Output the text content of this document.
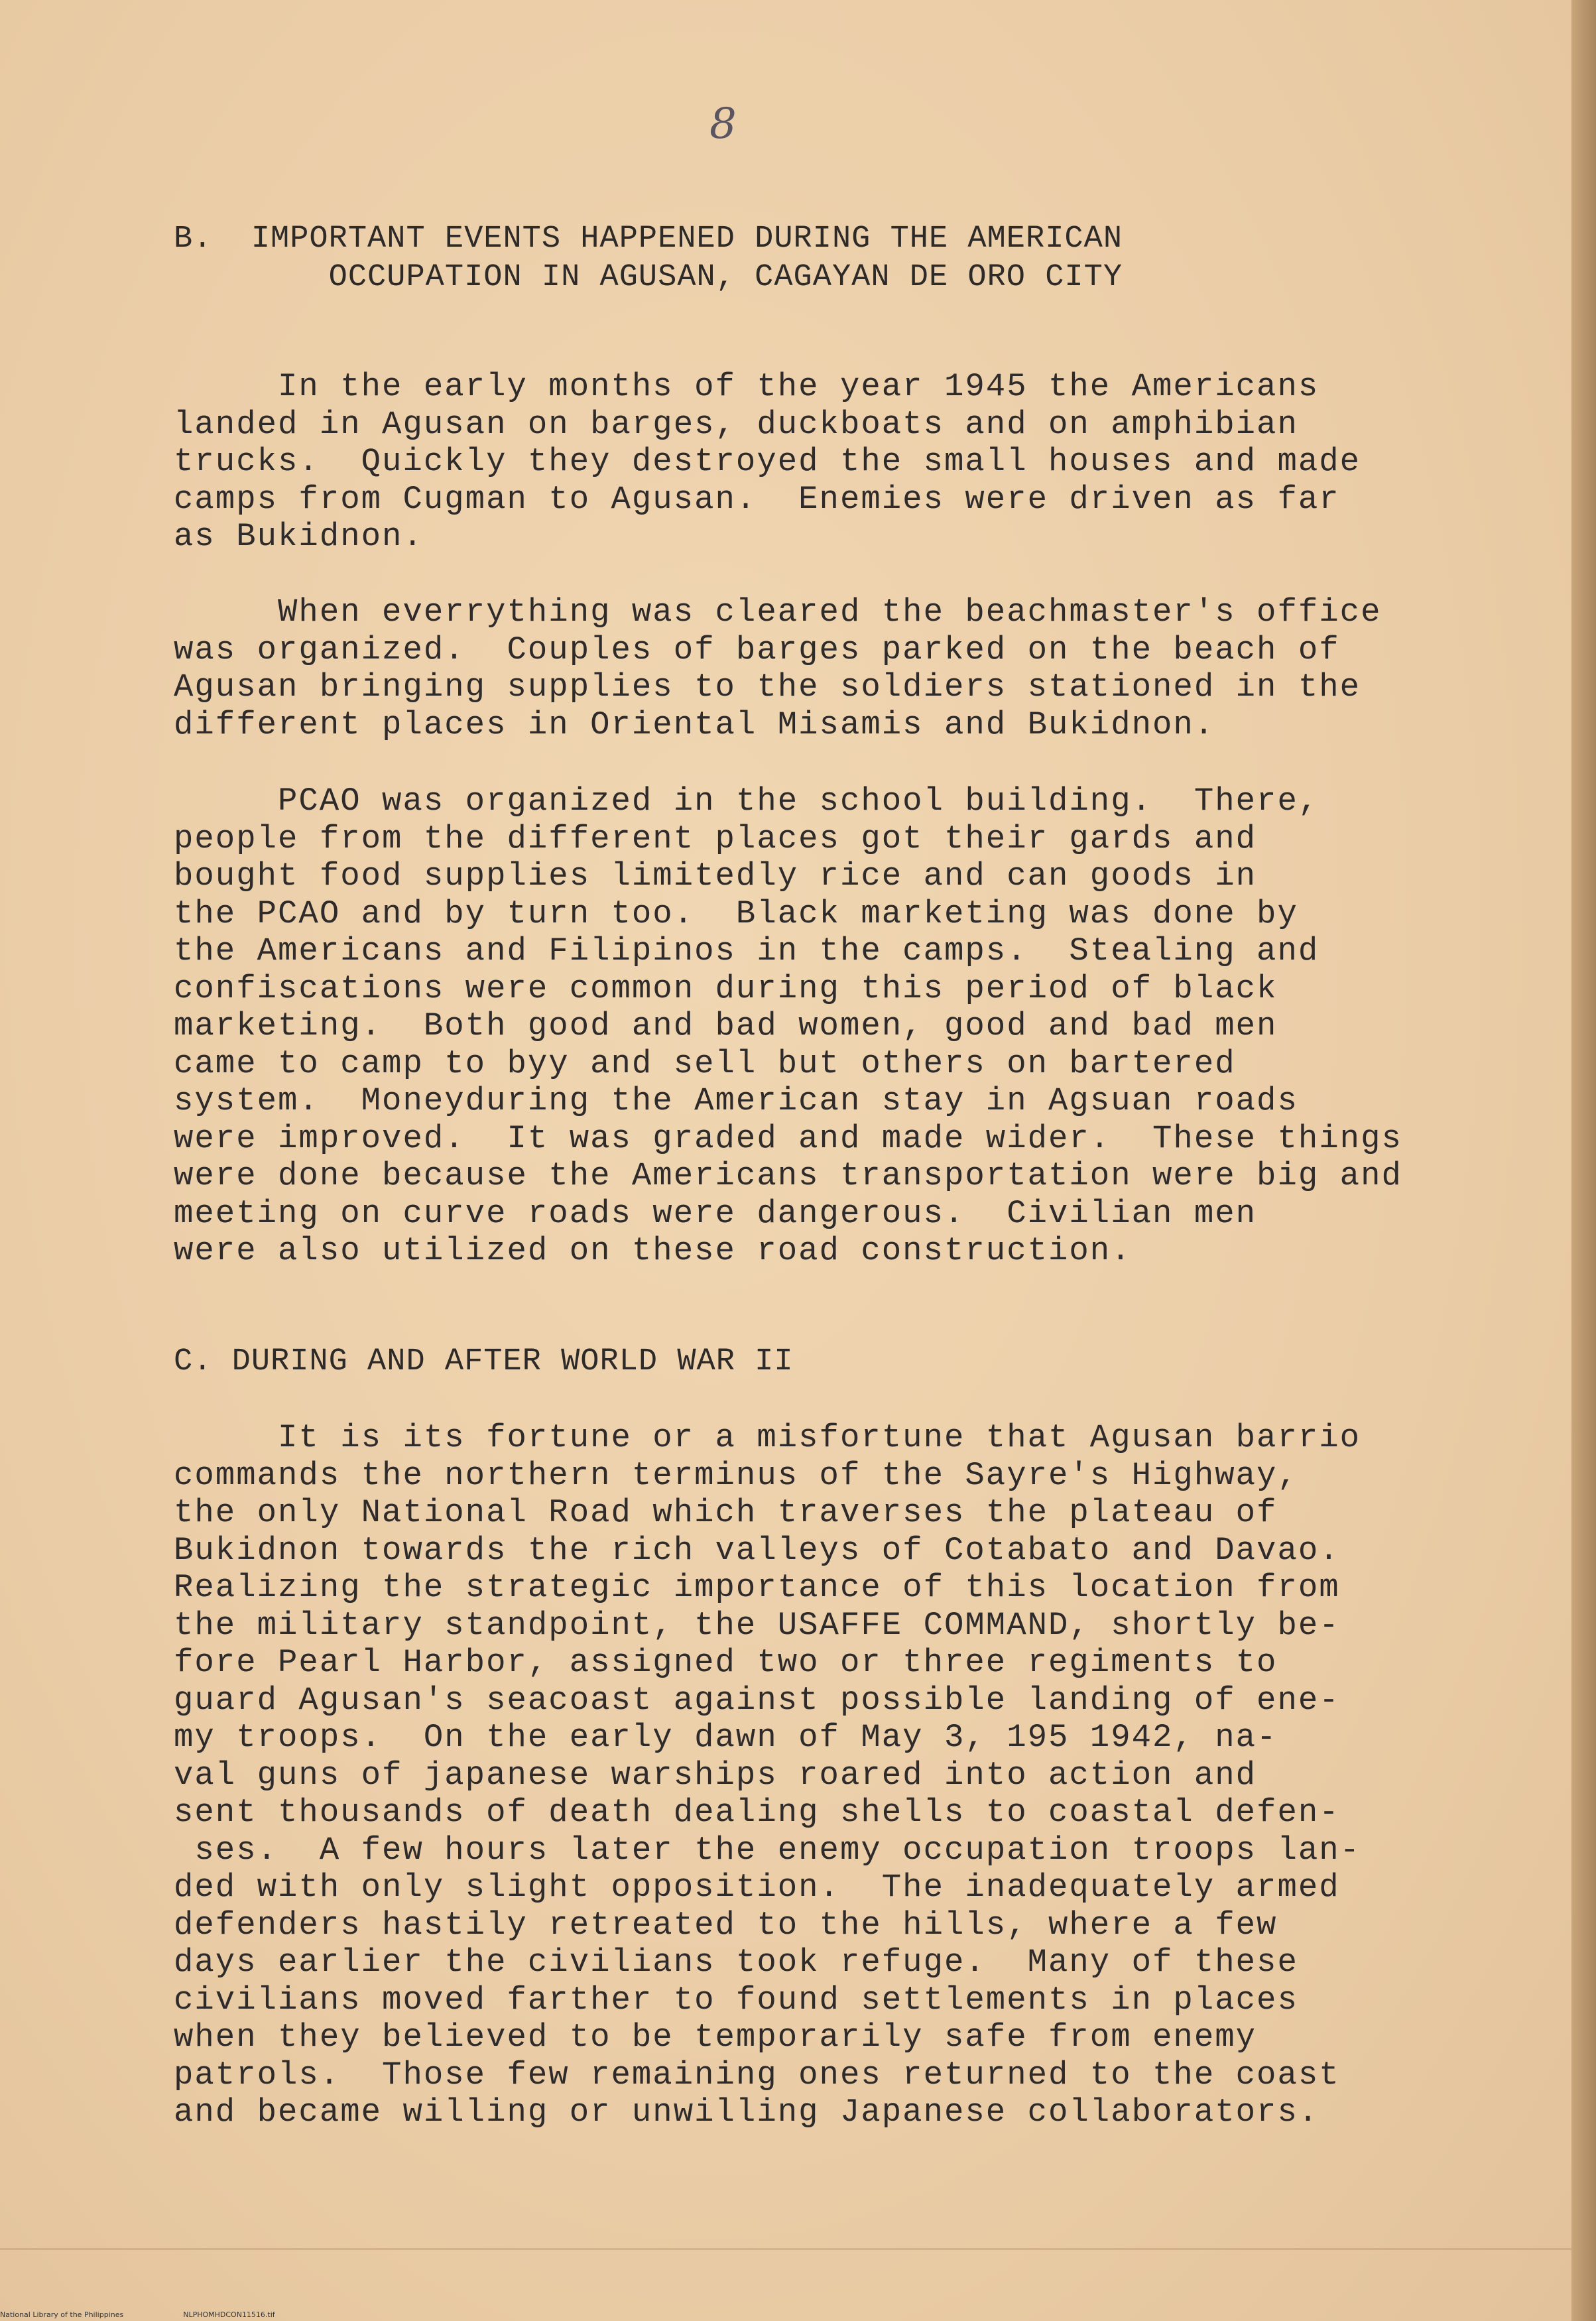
8
B.  IMPORTANT EVENTS HAPPENED DURING THE AMERICAN
OCCUPATION IN AGUSAN, CAGAYAN DE ORO CITY

In the early months of the year 1945 the Americans
landed in Agusan on barges, duckboats and on amphibian
trucks.  Quickly they destroyed the small houses and made
camps from Cugman to Agusan.  Enemies were driven as far
as Bukidnon.

When everrything was cleared the beachmaster's office
was organized.  Couples of barges parked on the beach of
Agusan bringing supplies to the soldiers stationed in the
different places in Oriental Misamis and Bukidnon.

PCAO was organized in the school building.  There,
people from the different places got their gards and
bought food supplies limitedly rice and can goods in
the PCAO and by turn too.  Black marketing was done by
the Americans and Filipinos in the camps.  Stealing and
confiscations were common during this period of black
marketing.  Both good and bad women, good and bad men
came to camp to byy and sell but others on bartered
system.  Moneyduring the American stay in Agsuan roads
were improved.  It was graded and made wider.  These things
were done because the Americans transportation were big and
meeting on curve roads were dangerous.  Civilian men
were also utilized on these road construction.

C. DURING AND AFTER WORLD WAR II

It is its fortune or a misfortune that Agusan barrio
commands the northern terminus of the Sayre's Highway,
the only National Road which traverses the plateau of
Bukidnon towards the rich valleys of Cotabato and Davao.
Realizing the strategic importance of this location from
the military standpoint, the USAFFE COMMAND, shortly be-
fore Pearl Harbor, assigned two or three regiments to
guard Agusan's seacoast against possible landing of ene-
my troops.  On the early dawn of May 3, 195 1942, na-
val guns of japanese warships roared into action and
sent thousands of death dealing shells to coastal defen-
ses.  A few hours later the enemy occupation troops lan-
ded with only slight opposition.  The inadequately armed
defenders hastily retreated to the hills, where a few
days earlier the civilians took refuge.  Many of these
civilians moved farther to found settlements in places
when they believed to be temporarily safe from enemy
patrols.  Those few remaining ones returned to the coast
and became willing or unwilling Japanese collaborators.

National Library of the Philippines	NLPHOMHDCON11516.tif
